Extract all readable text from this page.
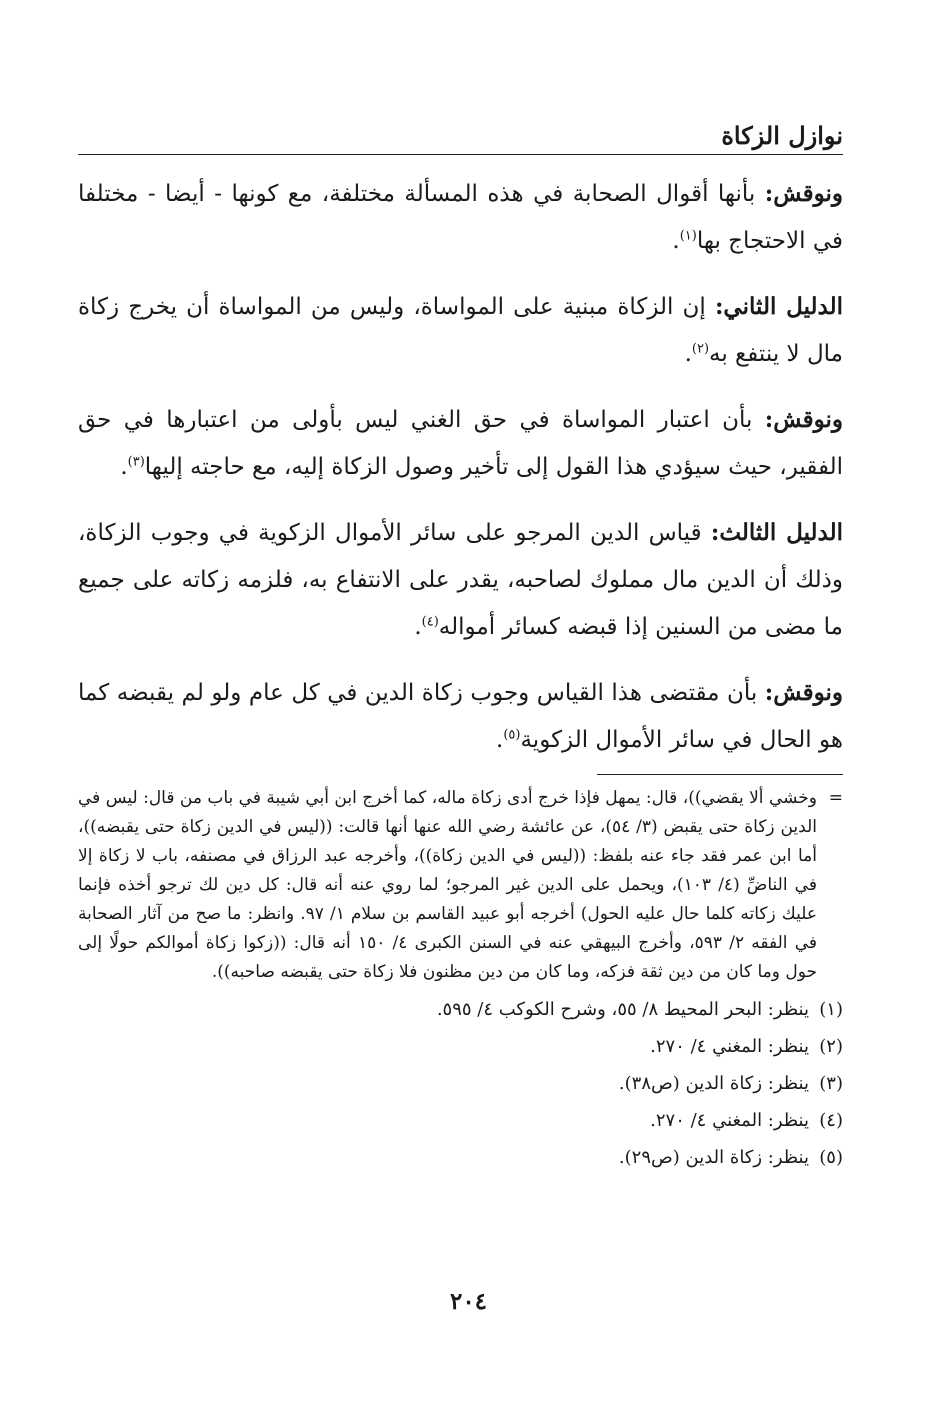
نوازل الزكاة

ونوقش: بأنها أقوال الصحابة في هذه المسألة مختلفة، مع كونها - أيضا - مختلفا في الاحتجاج بها$^{(١)}$.

الدليل الثاني: إن الزكاة مبنية على المواساة، وليس من المواساة أن يخرج زكاة مال لا ينتفع به$^{(٢)}$.

ونوقش: بأن اعتبار المواساة في حق الغني ليس بأولى من اعتبارها في حق الفقير، حيث سيؤدي هذا القول إلى تأخير وصول الزكاة إليه، مع حاجته إليها$^{(٣)}$.

الدليل الثالث: قياس الدين المرجو على سائر الأموال الزكوية في وجوب الزكاة، وذلك أن الدين مال مملوك لصاحبه، يقدر على الانتفاع به، فلزمه زكاته على جميع ما مضى من السنين إذا قبضه كسائر أمواله$^{(٤)}$.

ونوقش: بأن مقتضى هذا القياس وجوب زكاة الدين في كل عام ولو لم يقبضه كما هو الحال في سائر الأموال الزكوية$^{(٥)}$.

=
وخشي ألا يقضي))، قال: يمهل فإذا خرج أدى زكاة ماله، كما أخرج ابن أبي شيبة في باب من قال: ليس في الدين زكاة حتى يقبض (٣/ ٥٤)، عن عائشة رضي الله عنها أنها قالت: ((ليس في الدين زكاة حتى يقبضه))، أما ابن عمر فقد جاء عنه بلفظ: ((ليس في الدين زكاة))، وأخرجه عبد الرزاق في مصنفه، باب لا زكاة إلا في الناضِّ (٤/ ١٠٣)، ويحمل على الدين غير المرجو؛ لما روي عنه أنه قال: كل دين لك ترجو أخذه فإنما عليك زكاته كلما حال عليه الحول) أخرجه أبو عبيد القاسم بن سلام ١/ ٩٧. وانظر: ما صح من آثار الصحابة في الفقه ٢/ ٥٩٣، وأخرج البيهقي عنه في السنن الكبرى ٤/ ١٥٠ أنه قال: ((زكوا زكاة أموالكم حولًا إلى حول وما كان من دين ثقة فزكه، وما كان من دين مظنون فلا زكاة حتى يقبضه صاحبه)).
(١)
ينظر: البحر المحيط ٨/ ٥٥، وشرح الكوكب ٤/ ٥٩٥.
(٢)
ينظر: المغني ٤/ ٢٧٠.
(٣)
ينظر: زكاة الدين (ص٣٨).
(٤)
ينظر: المغني ٤/ ٢٧٠.
(٥)
ينظر: زكاة الدين (ص٢٩).
٢٠٤
